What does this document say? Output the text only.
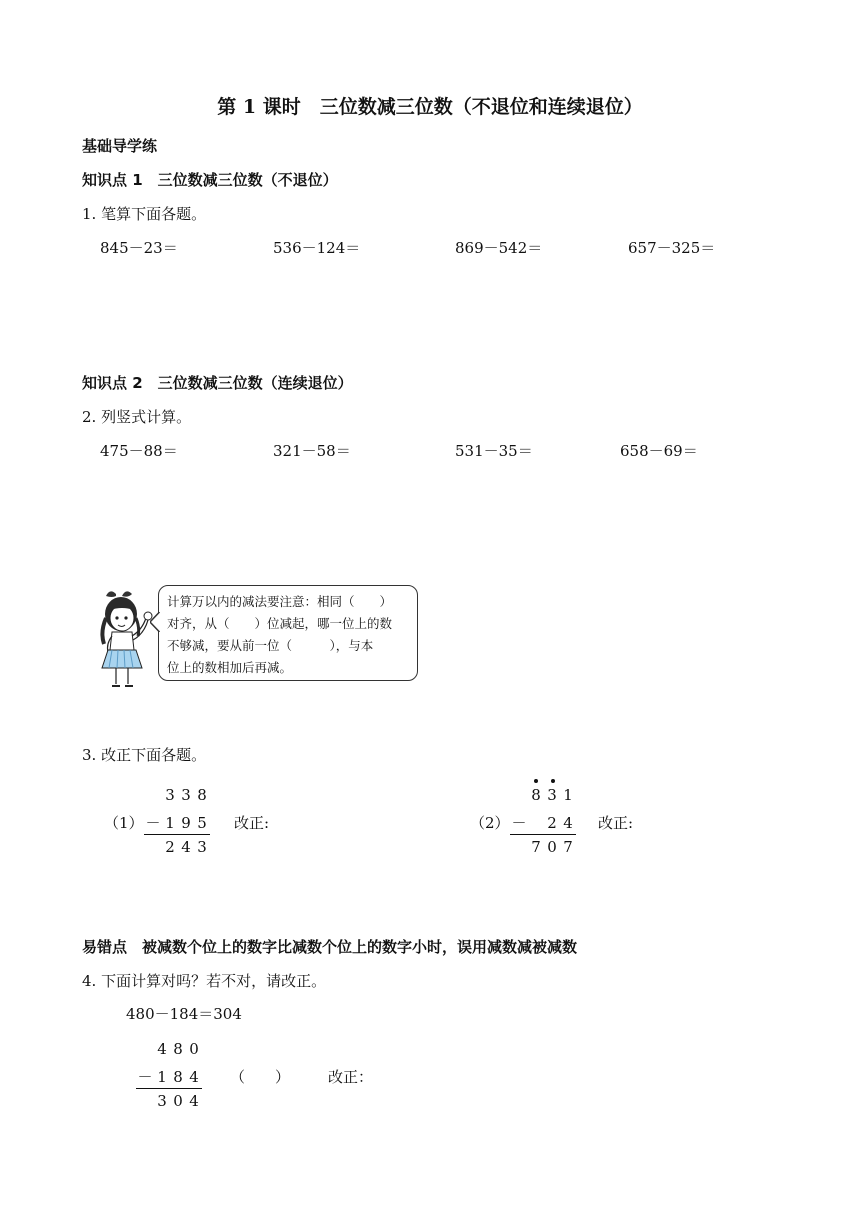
第 1 课时　三位数减三位数（不退位和连续退位）
基础导学练
知识点 1　三位数减三位数（不退位）
1. 笔算下面各题。
845－23＝	536－124＝	869－542＝	657－325＝
知识点 2　三位数减三位数（连续退位）
2. 列竖式计算。
475－88＝	321－58＝	531－35＝	658－69＝
计算万以内的减法要注意：相同（　　）
对齐，从（　　）位减起，哪一位上的数
不够减，要从前一位（　　　），与本
位上的数相加后再减。
3. 改正下面各题。
3 3 8
（1） － 1 9 5 改正:
2 4 3
8 3 1
（2） － 2 4 改正:
7 0 7
易错点　被减数个位上的数字比减数个位上的数字小时，误用减数减被减数
4. 下面计算对吗？若不对，请改正。
480－184＝304
4 8 0
－ 1 8 4 （　　）	改正：
3 0 4
